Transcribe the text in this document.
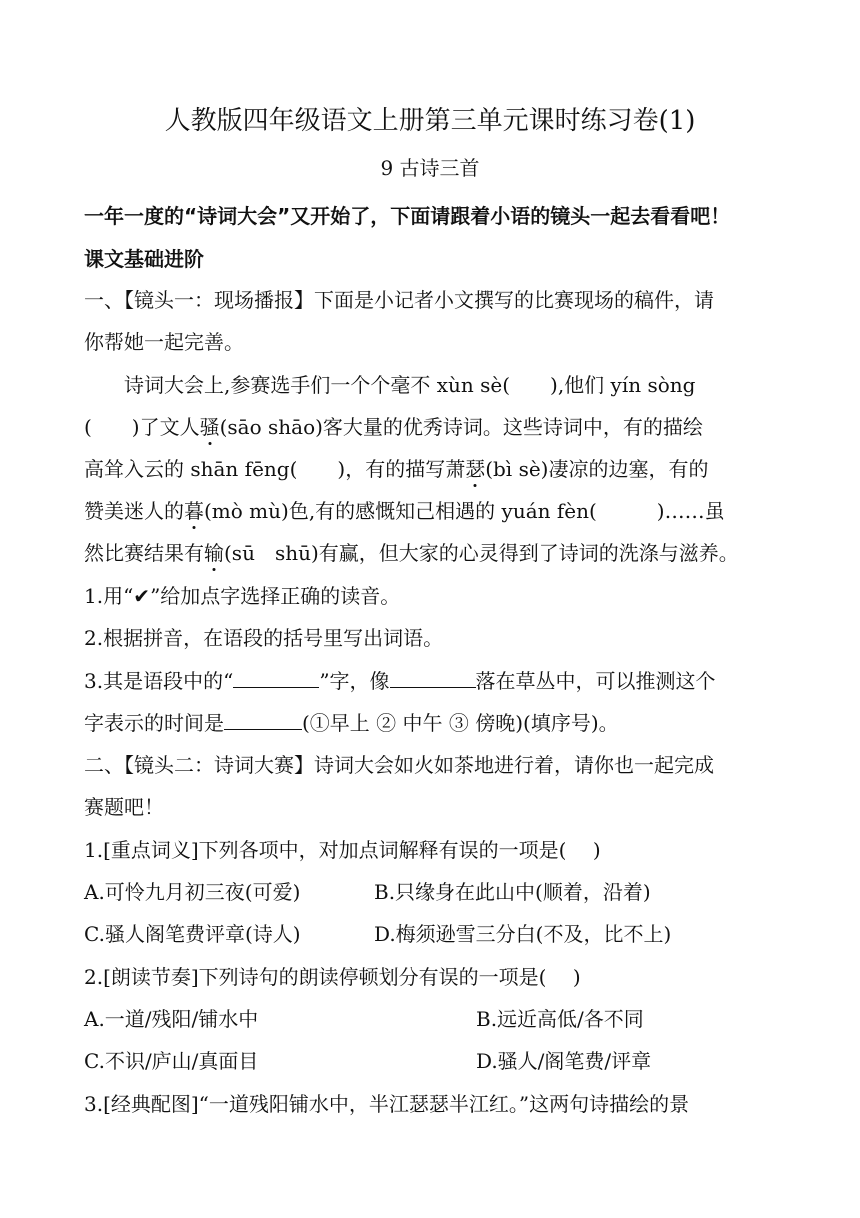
人教版四年级语文上册第三单元课时练习卷(1)
9 古诗三首
一年一度的“诗词大会”又开始了，下面请跟着小语的镜头一起去看看吧！
课文基础进阶
一、【镜头一：现场播报】下面是小记者小文撰写的比赛现场的稿件，请
你帮她一起完善。
诗词大会上,参赛选手们一个个毫不 xùn sè(　　),他们 yín sòng
(　　)了文人骚(sāo shāo)客大量的优秀诗词。这些诗词中，有的描绘
高耸入云的 shān fēng(　　)，有的描写萧瑟(bì sè)凄凉的边塞，有的
赞美迷人的暮(mò mù)色,有的感慨知己相遇的 yuán fèn(　　　)……虽
然比赛结果有输(sū　shū)有赢，但大家的心灵得到了诗词的洗涤与滋养。
1.用“✔”给加点字选择正确的读音。
2.根据拼音，在语段的括号里写出词语。
3.其是语段中的“	”字，像	落在草丛中，可以推测这个
字表示的时间是	(①早上 ② 中午 ③ 傍晚)(填序号)。
二、【镜头二：诗词大赛】诗词大会如火如茶地进行着，请你也一起完成
赛题吧！
1.[重点词义]下列各项中，对加点词解释有误的一项是(　 )
A.可怜九月初三夜(可爱)	B.只缘身在此山中(顺着，沿着)
C.骚人阁笔费评章(诗人)	D.梅须逊雪三分白(不及，比不上)
2.[朗读节奏]下列诗句的朗读停顿划分有误的一项是(　 )
A.一道/残阳/铺水中	B.远近高低/各不同
C.不识/庐山/真面目	D.骚人/阁笔费/评章
3.[经典配图]“一道残阳铺水中，半江瑟瑟半江红。”这两句诗描绘的景
